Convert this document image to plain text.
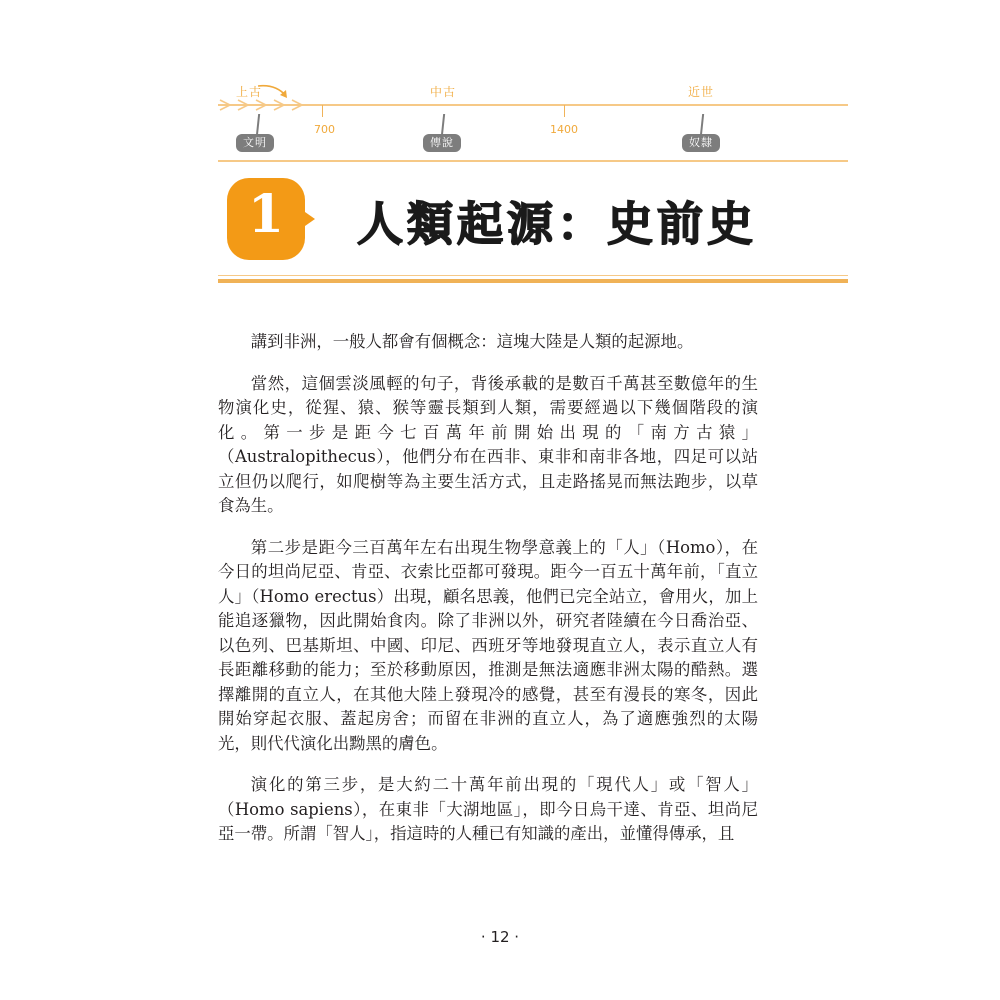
上古	中古	近世
700	1400
文明	傳說	奴隸
1	人類起源：史前史

講到非洲，一般人都會有個概念：這塊大陸是人類的起源地。

當然，這個雲淡風輕的句子，背後承載的是數百千萬甚至數億年的生物演化史，從猩、猿、猴等靈長類到人類，需要經過以下幾個階段的演化。第一步是距今七百萬年前開始出現的「南方古猿」（Australopithecus），他們分布在西非、東非和南非各地，四足可以站立但仍以爬行，如爬樹等為主要生活方式，且走路搖晃而無法跑步，以草食為生。

第二步是距今三百萬年左右出現生物學意義上的「人」（Homo），在今日的坦尚尼亞、肯亞、衣索比亞都可發現。距今一百五十萬年前，「直立人」（Homo erectus）出現，顧名思義，他們已完全站立，會用火，加上能追逐獵物，因此開始食肉。除了非洲以外，研究者陸續在今日喬治亞、以色列、巴基斯坦、中國、印尼、西班牙等地發現直立人，表示直立人有長距離移動的能力；至於移動原因，推測是無法適應非洲太陽的酷熱。選擇離開的直立人，在其他大陸上發現冷的感覺，甚至有漫長的寒冬，因此開始穿起衣服、蓋起房舍；而留在非洲的直立人，為了適應強烈的太陽光，則代代演化出黝黑的膚色。

演化的第三步，是大約二十萬年前出現的「現代人」或「智人」（Homo sapiens），在東非「大湖地區」，即今日烏干達、肯亞、坦尚尼亞一帶。所謂「智人」，指這時的人種已有知識的產出，並懂得傳承，且

· 12 ·
